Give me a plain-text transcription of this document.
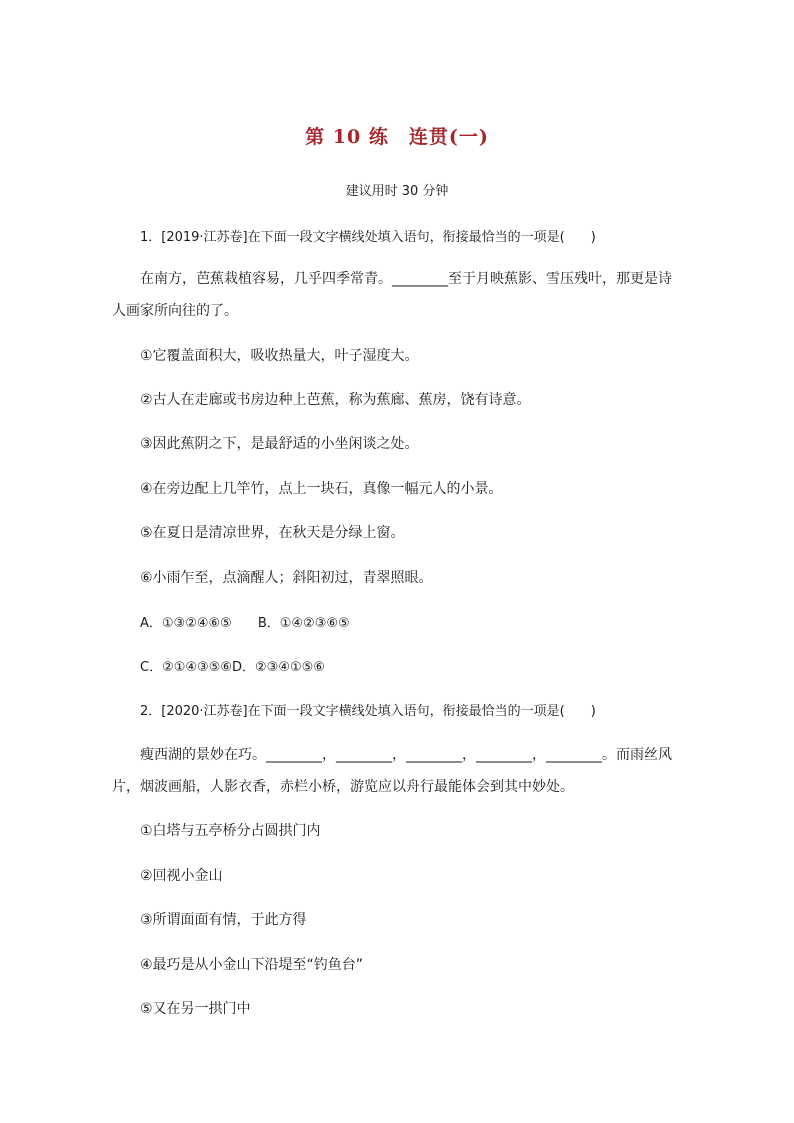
第 10 练　连贯(一)
建议用时 30 分钟
1．[2019·江苏卷]在下面一段文字横线处填入语句，衔接最恰当的一项是(　　)
在南方，芭蕉栽植容易，几乎四季常青。________至于月映蕉影、雪压残叶，那更是诗
人画家所向往的了。
①它覆盖面积大，吸收热量大，叶子湿度大。
②古人在走廊或书房边种上芭蕉，称为蕉廊、蕉房，饶有诗意。
③因此蕉阴之下，是最舒适的小坐闲谈之处。
④在旁边配上几竿竹，点上一块石，真像一幅元人的小景。
⑤在夏日是清凉世界，在秋天是分绿上窗。
⑥小雨乍至，点滴醒人；斜阳初过，青翠照眼。
A．①③②④⑥⑤　　B．①④②③⑥⑤
C．②①④③⑤⑥D．②③④①⑤⑥
2．[2020·江苏卷]在下面一段文字横线处填入语句，衔接最恰当的一项是(　　)
瘦西湖的景妙在巧。________，________，________，________，________。而雨丝风
片，烟波画船，人影衣香，赤栏小桥，游览应以舟行最能体会到其中妙处。
①白塔与五亭桥分占圆拱门内
②回视小金山
③所谓面面有情，于此方得
④最巧是从小金山下沿堤至“钓鱼台”
⑤又在另一拱门中
